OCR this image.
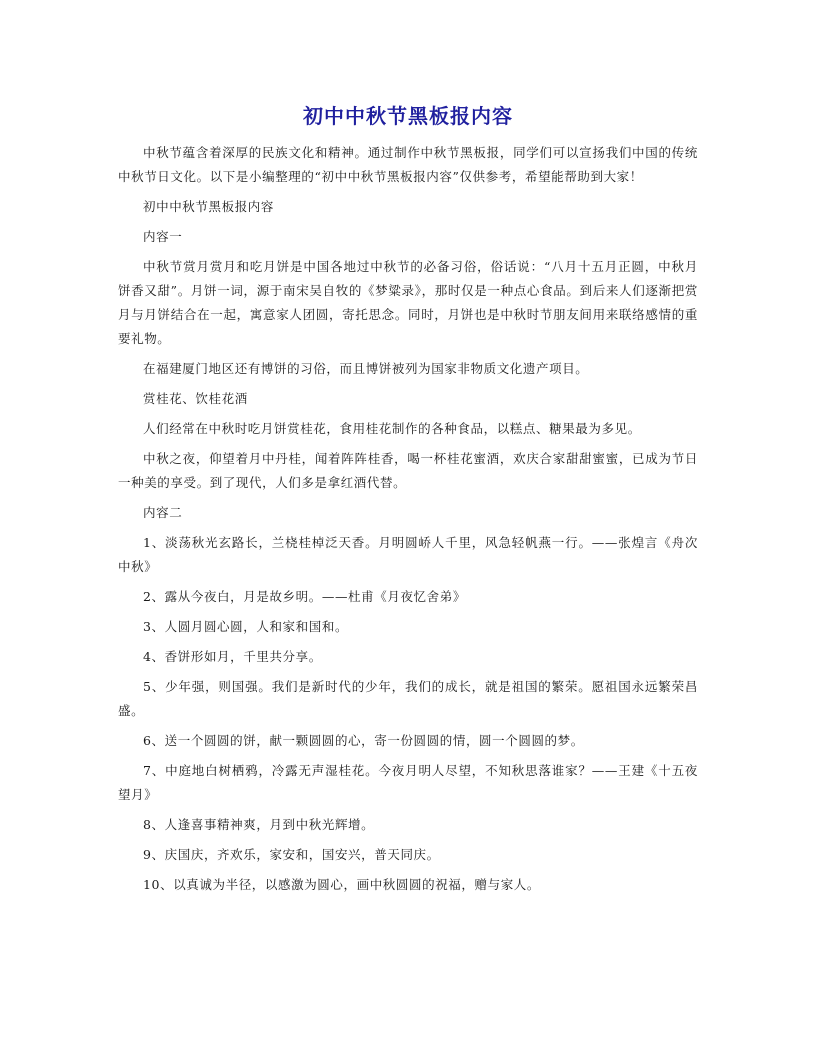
初中中秋节黑板报内容

中秋节蕴含着深厚的民族文化和精神。通过制作中秋节黑板报，同学们可以宣扬我们中国的传统中秋节日文化。以下是小编整理的“初中中秋节黑板报内容”仅供参考，希望能帮助到大家！

初中中秋节黑板报内容

内容一

中秋节赏月赏月和吃月饼是中国各地过中秋节的必备习俗，俗话说：“八月十五月正圆，中秋月饼香又甜”。月饼一词，源于南宋吴自牧的《梦粱录》，那时仅是一种点心食品。到后来人们逐渐把赏月与月饼结合在一起，寓意家人团圆，寄托思念。同时，月饼也是中秋时节朋友间用来联络感情的重要礼物。

在福建厦门地区还有博饼的习俗，而且博饼被列为国家非物质文化遗产项目。

赏桂花、饮桂花酒

人们经常在中秋时吃月饼赏桂花，食用桂花制作的各种食品，以糕点、糖果最为多见。

中秋之夜，仰望着月中丹桂，闻着阵阵桂香，喝一杯桂花蜜酒，欢庆合家甜甜蜜蜜，已成为节日一种美的享受。到了现代，人们多是拿红酒代替。

内容二

1、淡荡秋光玄路长，兰桡桂棹泛天香。月明圆峤人千里，风急轻帆燕一行。——张煌言《舟次中秋》

2、露从今夜白，月是故乡明。——杜甫《月夜忆舍弟》

3、人圆月圆心圆，人和家和国和。

4、香饼形如月，千里共分享。

5、少年强，则国强。我们是新时代的少年，我们的成长，就是祖国的繁荣。愿祖国永远繁荣昌盛。

6、送一个圆圆的饼，献一颗圆圆的心，寄一份圆圆的情，圆一个圆圆的梦。

7、中庭地白树栖鸦，冷露无声湿桂花。今夜月明人尽望，不知秋思落谁家？——王建《十五夜望月》

8、人逢喜事精神爽，月到中秋光辉增。

9、庆国庆，齐欢乐，家安和，国安兴，普天同庆。

10、以真诚为半径，以感激为圆心，画中秋圆圆的祝福，赠与家人。
